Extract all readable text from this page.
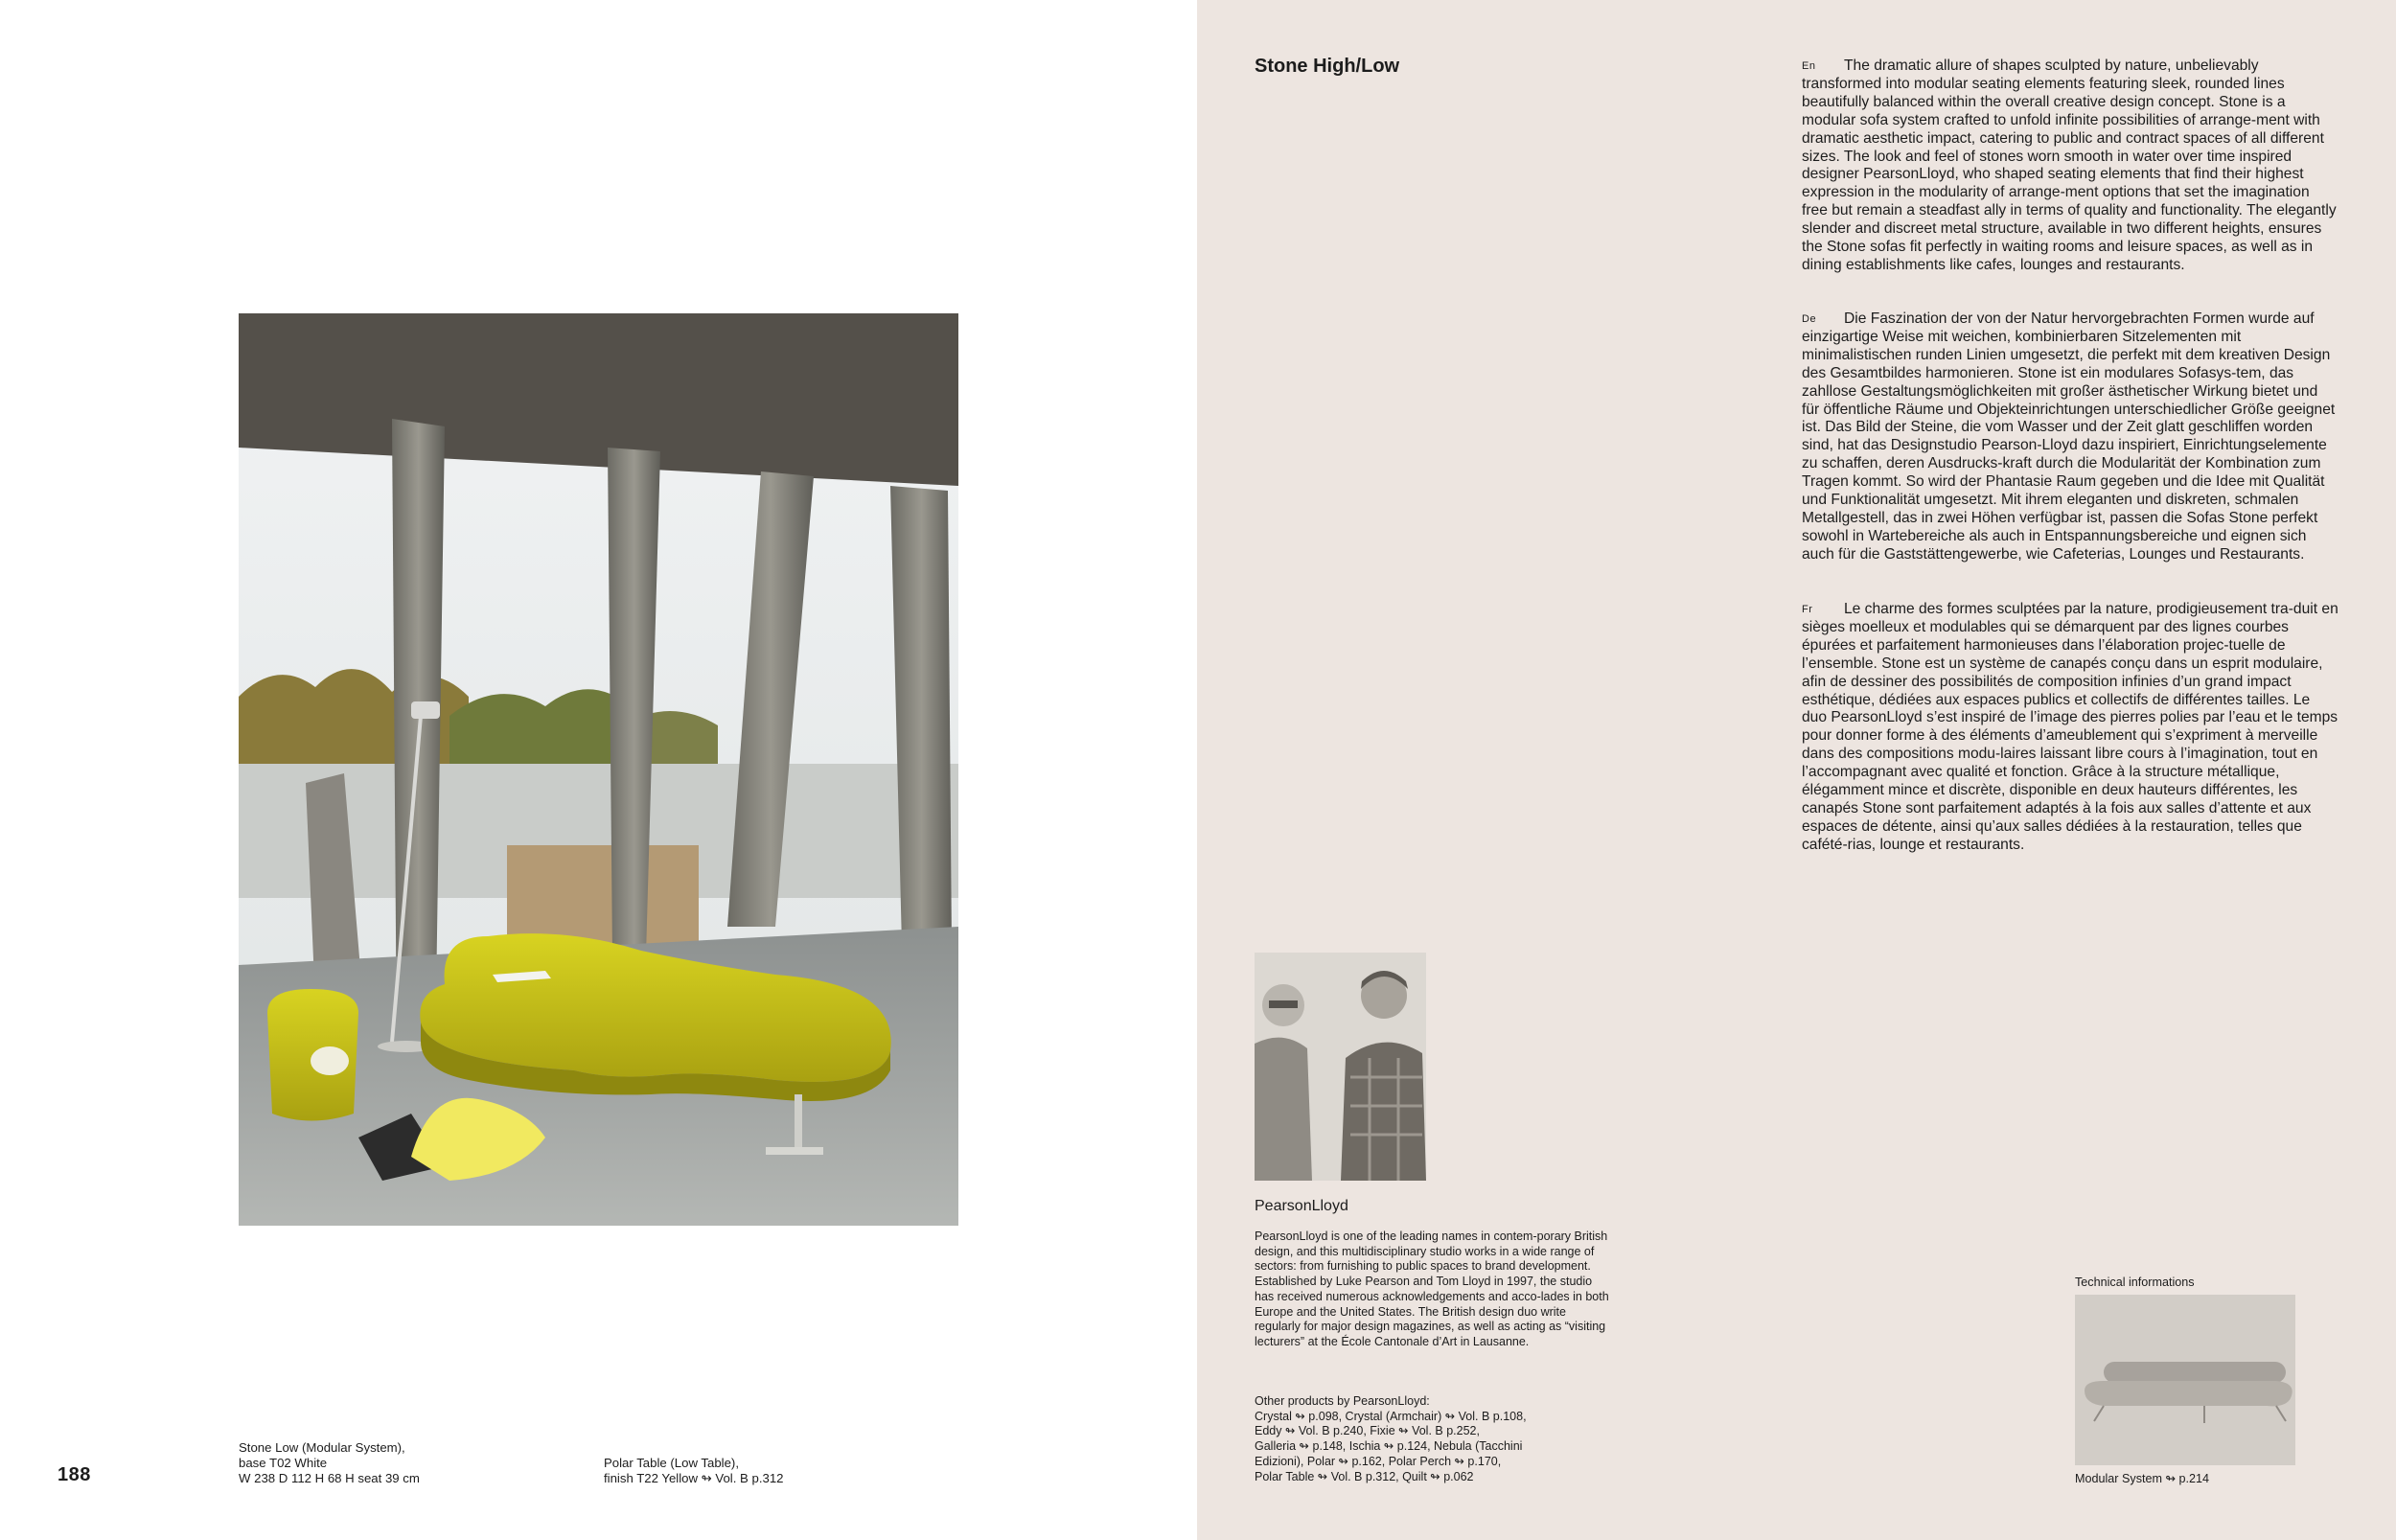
Stone Low (Modular System),
base T02 White
W 238 D 112 H 68 H seat 39 cm
Polar Table (Low Table),
finish T22 Yellow ↬ Vol. B p.312
188
Stone High/Low	En The dramatic allure of shapes sculpted by nature, unbelievably transformed into modular seating elements featuring sleek, rounded lines beautifully balanced within the overall creative design concept. Stone is a modular sofa system crafted to unfold infinite possibilities of arrange-ment with dramatic aesthetic impact, catering to public and contract spaces of all different sizes. The look and feel of stones worn smooth in water over time inspired designer PearsonLloyd, who shaped seating elements that find their highest expression in the modularity of arrange-ment options that set the imagination free but remain a steadfast ally in terms of quality and functionality. The elegantly slender and discreet metal structure, available in two different heights, ensures the Stone sofas fit perfectly in waiting rooms and leisure spaces, as well as in dining establishments like cafes, lounges and restaurants.
De Die Faszination der von der Natur hervorgebrachten Formen wurde auf einzigartige Weise mit weichen, kombinierbaren Sitzelementen mit minimalistischen runden Linien umgesetzt, die perfekt mit dem kreativen Design des Gesamtbildes harmonieren. Stone ist ein modulares Sofasys-tem, das zahllose Gestaltungsmöglichkeiten mit großer ästhetischer Wirkung bietet und für öffentliche Räume und Objekteinrichtungen unterschiedlicher Größe geeignet ist. Das Bild der Steine, die vom Wasser und der Zeit glatt geschliffen worden sind, hat das Designstudio Pearson-Lloyd dazu inspiriert, Einrichtungselemente zu schaffen, deren Ausdrucks-kraft durch die Modularität der Kombination zum Tragen kommt. So wird der Phantasie Raum gegeben und die Idee mit Qualität und Funktionalität umgesetzt. Mit ihrem eleganten und diskreten, schmalen Metallgestell, das in zwei Höhen verfügbar ist, passen die Sofas Stone perfekt sowohl in Wartebereiche als auch in Entspannungsbereiche und eignen sich auch für die Gaststättengewerbe, wie Cafeterias, Lounges und Restaurants.
Fr Le charme des formes sculptées par la nature, prodigieusement tra-duit en sièges moelleux et modulables qui se démarquent par des lignes courbes épurées et parfaitement harmonieuses dans l’élaboration projec-tuelle de l’ensemble. Stone est un système de canapés conçu dans un esprit modulaire, afin de dessiner des possibilités de composition infinies d’un grand impact esthétique, dédiées aux espaces publics et collectifs de différentes tailles. Le duo PearsonLloyd s’est inspiré de l’image des pierres polies par l’eau et le temps pour donner forme à des éléments d’ameublement qui s’expriment à merveille dans des compositions modu-laires laissant libre cours à l’imagination, tout en l’accompagnant avec qualité et fonction. Grâce à la structure métallique, élégamment mince et discrète, disponible en deux hauteurs différentes, les canapés Stone sont parfaitement adaptés à la fois aux salles d’attente et aux espaces de détente, ainsi qu’aux salles dédiées à la restauration, telles que cafété-rias, lounge et restaurants.
PearsonLloyd
PearsonLloyd is one of the leading names in contem-porary British design, and this multidisciplinary studio works in a wide range of sectors: from furnishing to public spaces to brand development. Established by Luke Pearson and Tom Lloyd in 1997, the studio has received numerous acknowledgements and acco-lades in both Europe and the United States. The British design duo write regularly for major design magazines, as well as acting as “visiting lecturers” at the École Cantonale d’Art in Lausanne.
Other products by PearsonLloyd:
Crystal ↬ p.098, Crystal (Armchair) ↬ Vol. B p.108,
Eddy ↬ Vol. B p.240, Fixie ↬ Vol. B p.252,
Galleria ↬ p.148, Ischia ↬ p.124, Nebula (Tacchini
Edizioni), Polar ↬ p.162, Polar Perch ↬ p.170,
Polar Table ↬ Vol. B p.312, Quilt ↬ p.062
Technical informations
Modular System ↬ p.214
